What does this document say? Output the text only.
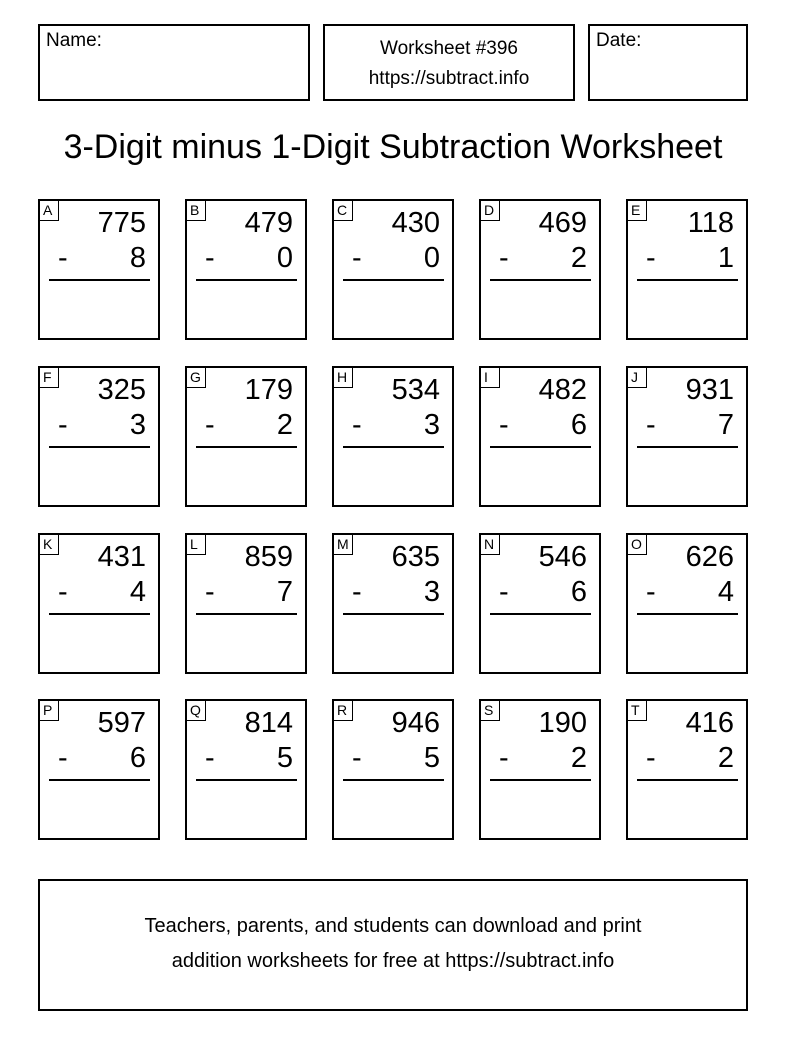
Name:	Worksheet #396
https://subtract.info
Date:
3-Digit minus 1-Digit Subtraction Worksheet
A 775
- 8
B 479
- 0
C 430
- 0
D 469
- 2
E 118
- 1
F 325
- 3
G 179
- 2
H 534
- 3
I	482
- 6
J	931
- 7
K 431
- 4
L 859
- 7
M 635
- 3
N 546
- 6
O 626
- 4
P 597
- 6
Q 814
- 5
R 946
- 5
S 190
- 2
T 416
- 2
Teachers, parents, and students can download and print
addition worksheets for free at https://subtract.info
